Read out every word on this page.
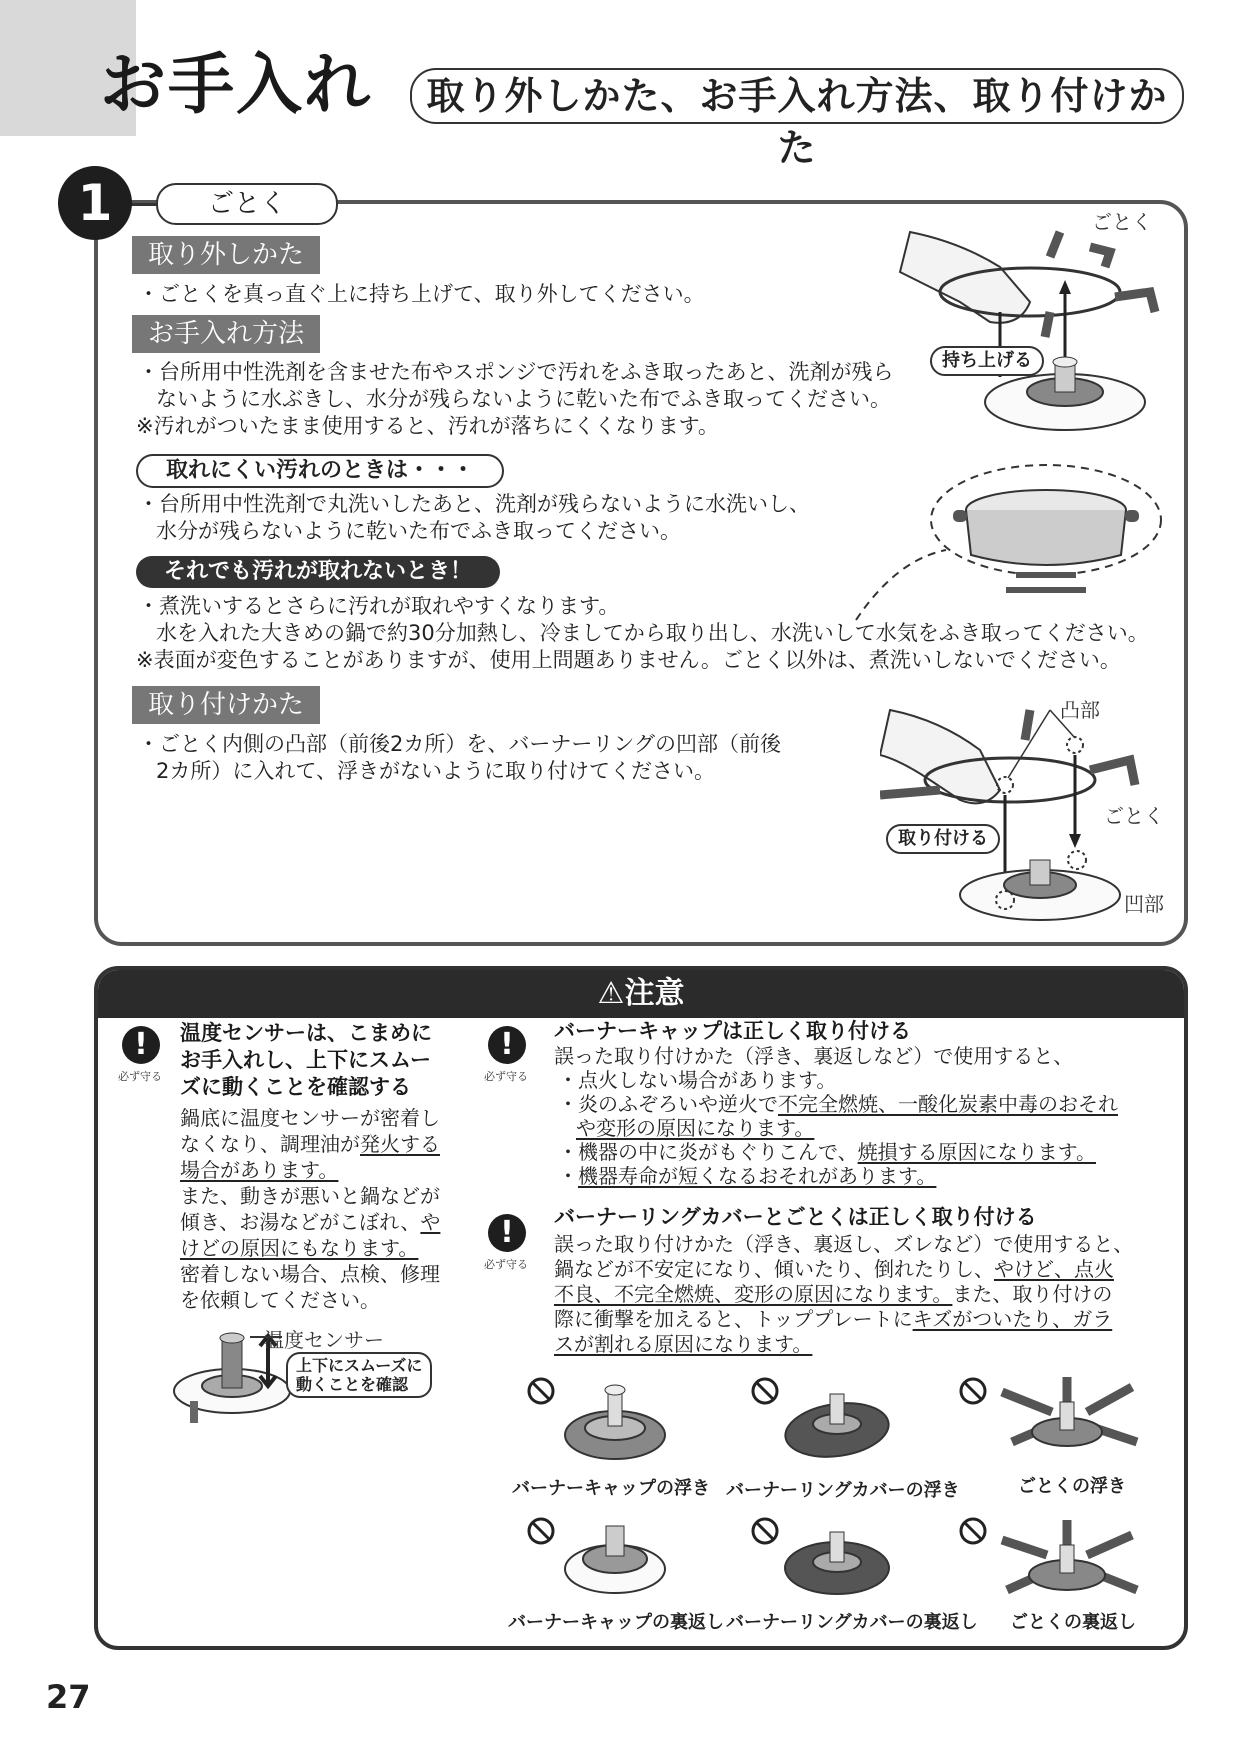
お手入れ	取り外しかた、お手入れ方法、取り付けかた
1	ごとく
取り外しかた
・ごとくを真っ直ぐ上に持ち上げて、取り外してください。
お手入れ方法
・台所用中性洗剤を含ませた布やスポンジで汚れをふき取ったあと、洗剤が残ら
ないように水ぶきし、水分が残らないように乾いた布でふき取ってください。
※汚れがついたまま使用すると、汚れが落ちにくくなります。
取れにくい汚れのときは・・・
・台所用中性洗剤で丸洗いしたあと、洗剤が残らないように水洗いし、
水分が残らないように乾いた布でふき取ってください。
それでも汚れが取れないとき！
・煮洗いするとさらに汚れが取れやすくなります。
水を入れた大きめの鍋で約30分加熱し、冷ましてから取り出し、水洗いして水気をふき取ってください。
※表面が変色することがありますが、使用上問題ありません。ごとく以外は、煮洗いしないでください。
取り付けかた
・ごとく内側の凸部（前後2カ所）を、バーナーリングの凹部（前後
2カ所）に入れて、浮きがないように取り付けてください。
ごとく
持ち上げる
凸部
ごとく
取り付ける
凹部
⚠注意
!
必ず守る
温度センサーは、こまめに
お手入れし、上下にスムー
ズに動くことを確認する
鍋底に温度センサーが密着し
なくなり、調理油が発火する
場合があります。
また、動きが悪いと鍋などが
傾き、お湯などがこぼれ、や
けどの原因にもなります。
密着しない場合、点検、修理
を依頼してください。
温度センサー
上下にスムーズに
動くことを確認
!
必ず守る
バーナーキャップは正しく取り付ける
誤った取り付けかた（浮き、裏返しなど）で使用すると、
・点火しない場合があります。
・炎のふぞろいや逆火で不完全燃焼、一酸化炭素中毒のおそれ
や変形の原因になります。
・機器の中に炎がもぐりこんで、焼損する原因になります。
・機器寿命が短くなるおそれがあります。
!
必ず守る
バーナーリングカバーとごとくは正しく取り付ける
誤った取り付けかた（浮き、裏返し、ズレなど）で使用すると、
鍋などが不安定になり、傾いたり、倒れたりし、やけど、点火
不良、不完全燃焼、変形の原因になります。また、取り付けの
際に衝撃を加えると、トッププレートにキズがついたり、ガラ
スが割れる原因になります。
バーナーキャップの浮き バーナーリングカバーの浮き	ごとくの浮き
バーナーキャップの裏返し バーナーリングカバーの裏返し ごとくの裏返し
27
